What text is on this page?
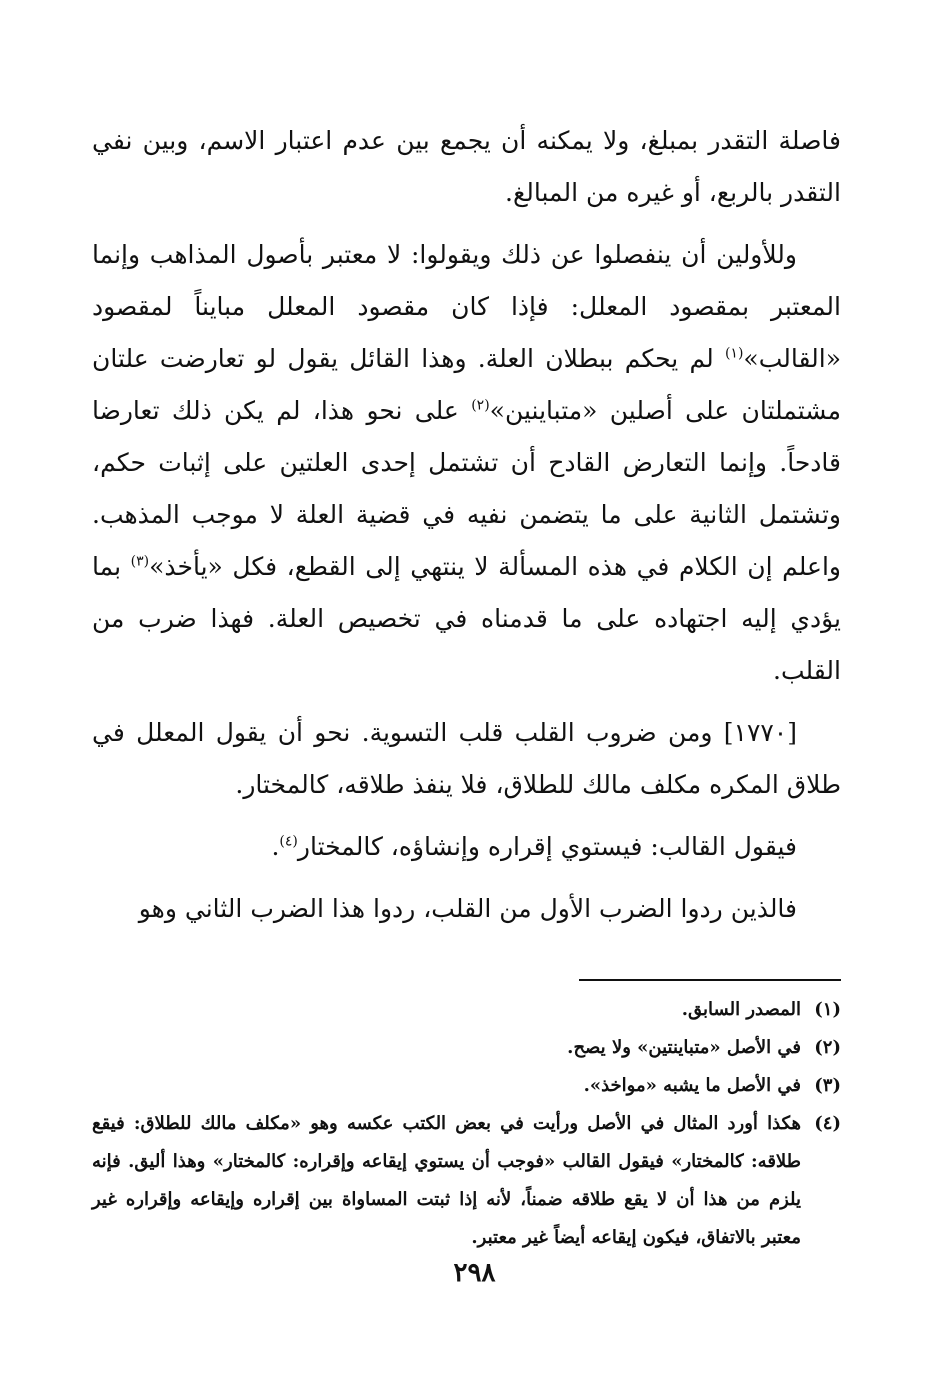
فاصلة التقدر بمبلغ، ولا يمكنه أن يجمع بين عدم اعتبار الاسم، وبين نفي التقدر بالربع، أو غيره من المبالغ.

وللأولين أن ينفصلوا عن ذلك ويقولوا: لا معتبر بأصول المذاهب وإنما المعتبر بمقصود المعلل: فإذا كان مقصود المعلل مبايناً لمقصود «القالب»$^{(١)}$ لم يحكم ببطلان العلة. وهذا القائل يقول لو تعارضت علتان مشتملتان على أصلين «متباينين»$^{(٢)}$ على نحو هذا، لم يكن ذلك تعارضا قادحاً. وإنما التعارض القادح أن تشتمل إحدى العلتين على إثبات حكم، وتشتمل الثانية على ما يتضمن نفيه في قضية العلة لا موجب المذهب. واعلم إن الكلام في هذه المسألة لا ينتهي إلى القطع، فكل «يأخذ»$^{(٣)}$ بما يؤدي إليه اجتهاده على ما قدمناه في تخصيص العلة. فهذا ضرب من القلب.

[١٧٧٠] ومن ضروب القلب قلب التسوية. نحو أن يقول المعلل في طلاق المكره مكلف مالك للطلاق، فلا ينفذ طلاقه، كالمختار.

فيقول القالب: فيستوي إقراره وإنشاؤه، كالمختار$^{(٤)}$.

فالذين ردوا الضرب الأول من القلب، ردوا هذا الضرب الثاني وهو

(١)
المصدر السابق.
(٢)
في الأصل «متباينتين» ولا يصح.
(٣)
في الأصل ما يشبه «مواخذ».
(٤)
هكذا أورد المثال في الأصل ورأيت في بعض الكتب عكسه وهو «مكلف مالك للطلاق: فيقع طلاقه: كالمختار» فيقول القالب «فوجب أن يستوي إيقاعه وإقراره: كالمختار» وهذا أليق. فإنه يلزم من هذا أن لا يقع طلاقه ضمناً، لأنه إذا ثبتت المساواة بين إقراره وإيقاعه وإقراره غير معتبر بالاتفاق، فيكون إيقاعه أيضاً غير معتبر.
٢٩٨
